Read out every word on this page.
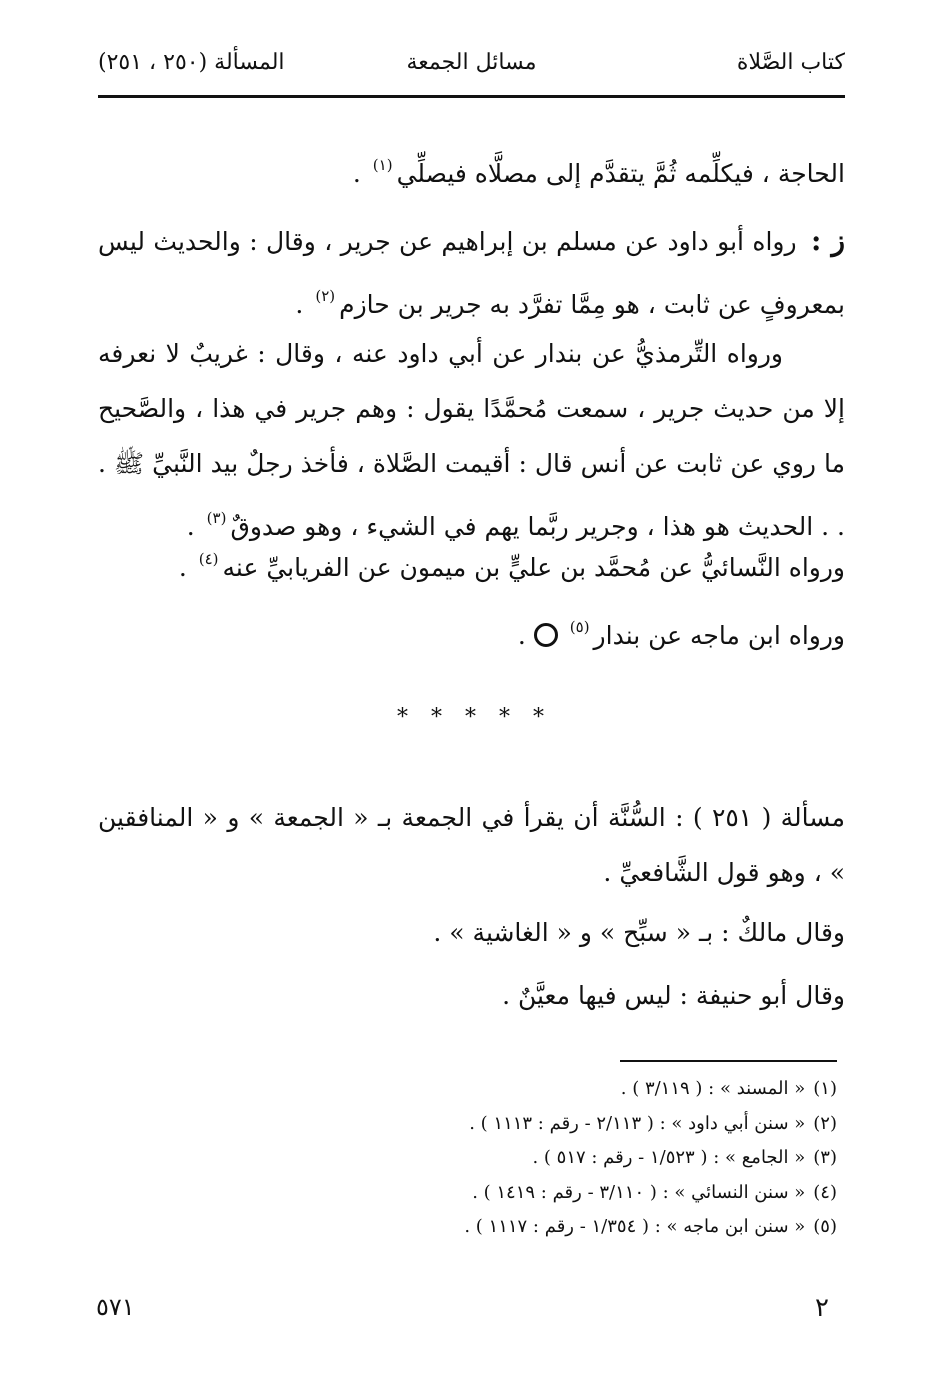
كتاب الصَّلاة
مسائل الجمعة
المسألة (٢٥٠ ، ٢٥١)
الحاجة ، فيكلِّمه ثُمَّ يتقدَّم إلى مصلَّاه فيصلِّي$^{(١)}$ .
ز : رواه أبو داود عن مسلم بن إبراهيم عن جرير ، وقال : والحديث ليس بمعروفٍ عن ثابت ، هو مِمَّا تفرَّد به جرير بن حازم$^{(٢)}$ .
ورواه التِّرمذيُّ عن بندار عن أبي داود عنه ، وقال : غريبٌ لا نعرفه إلا من حديث جرير ، سمعت مُحمَّدًا يقول : وهم جرير في هذا ، والصَّحيح ما روي عن ثابت عن أنس قال : أقيمت الصَّلاة ، فأخذ رجلٌ بيد النَّبيِّ ﷺ . . . الحديث هو هذا ، وجرير ربَّما يهم في الشيء ، وهو صدوقٌ$^{(٣)}$ .
ورواه النَّسائيُّ عن مُحمَّد بن عليٍّ بن ميمون عن الفريابيِّ عنه$^{(٤)}$ .
ورواه ابن ماجه عن بندار$^{(٥)}$.
* * * * *
مسألة ( ٢٥١ ) : السُّنَّة أن يقرأ في الجمعة بـ « الجمعة » و « المنافقين » ، وهو قول الشَّافعيِّ .
وقال مالكٌ : بـ « سبِّح » و « الغاشية » .
وقال أبو حنيفة : ليس فيها معيَّنٌ .
(١)« المسند » : ( ٣/١١٩ ) .
(٢)« سنن أبي داود » : ( ٢/١١٣ - رقم : ١١١٣ ) .
(٣)« الجامع » : ( ١/٥٢٣ - رقم : ٥١٧ ) .
(٤)« سنن النسائي » : ( ٣/١١٠ - رقم : ١٤١٩ ) .
(٥)« سنن ابن ماجه » : ( ١/٣٥٤ - رقم : ١١١٧ ) .
٥٧١	٢
